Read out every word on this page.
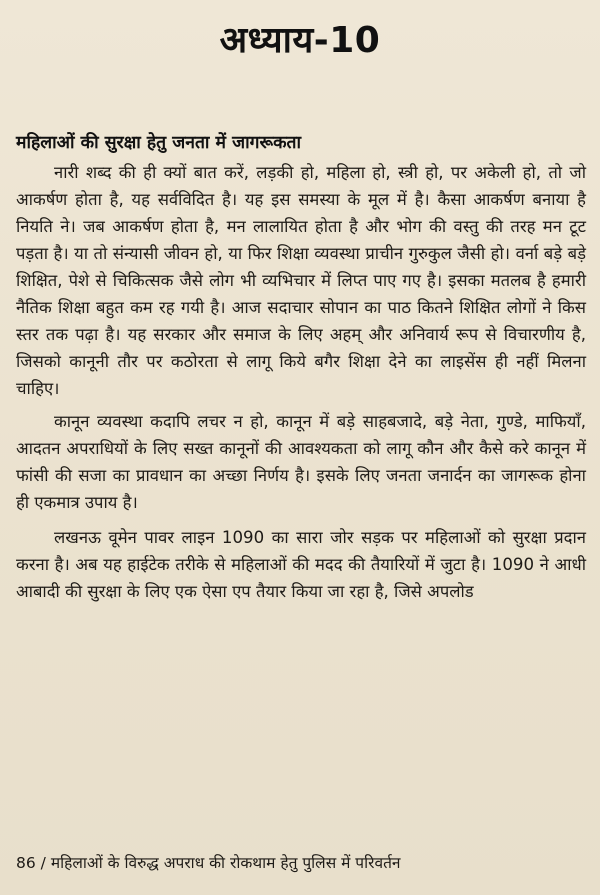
अध्याय-10
महिलाओं की सुरक्षा हेतु जनता में जागरूकता

नारी शब्द की ही क्यों बात करें, लड़की हो, महिला हो, स्त्री हो, पर अकेली हो, तो जो आकर्षण होता है, यह सर्वविदित है। यह इस समस्या के मूल में है। कैसा आकर्षण बनाया है नियति ने। जब आकर्षण होता है, मन लालायित होता है और भोग की वस्तु की तरह मन टूट पड़ता है। या तो संन्यासी जीवन हो, या फिर शिक्षा व्यवस्था प्राचीन गुरुकुल जैसी हो। वर्ना बड़े बड़े शिक्षित, पेशे से चिकित्सक जैसे लोग भी व्यभिचार में लिप्त पाए गए है। इसका मतलब है हमारी नैतिक शिक्षा बहुत कम रह गयी है। आज सदाचार सोपान का पाठ कितने शिक्षित लोगों ने किस स्तर तक पढ़ा है। यह सरकार और समाज के लिए अहम् और अनिवार्य रूप से विचारणीय है, जिसको कानूनी तौर पर कठोरता से लागू किये बगैर शिक्षा देने का लाइसेंस ही नहीं मिलना चाहिए।

कानून व्यवस्था कदापि लचर न हो, कानून में बड़े साहबजादे, बड़े नेता, गुण्डे, माफियाँ, आदतन अपराधियों के लिए सख्त कानूनों की आवश्यकता को लागू कौन और कैसे करे कानून में फांसी की सजा का प्रावधान का अच्छा निर्णय है। इसके लिए जनता जनार्दन का जागरूक होना ही एकमात्र उपाय है।

लखनऊ वूमेन पावर लाइन 1090 का सारा जोर सड़क पर महिलाओं को सुरक्षा प्रदान करना है। अब यह हाईटेक तरीके से महिलाओं की मदद की तैयारियों में जुटा है। 1090 ने आधी आबादी की सुरक्षा के लिए एक ऐसा एप तैयार किया जा रहा है, जिसे अपलोड

86 / महिलाओं के विरुद्ध अपराध की रोकथाम हेतु पुलिस में परिवर्तन
